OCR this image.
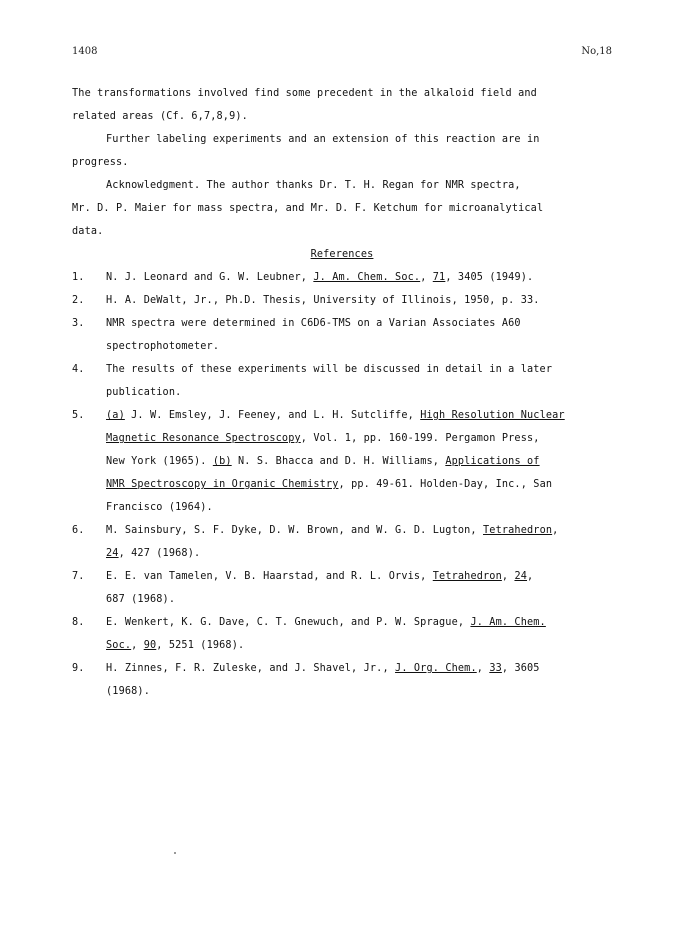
1408	No,18
The transformations involved find some precedent in the alkaloid field and
related areas (Cf. 6,7,8,9).
Further labeling experiments and an extension of this reaction are in
progress.
Acknowledgment. The author thanks Dr. T. H. Regan for NMR spectra,
Mr. D. P. Maier for mass spectra, and Mr. D. F. Ketchum for microanalytical
data.
References
1.	N. J. Leonard and G. W. Leubner, J. Am. Chem. Soc., 71, 3405 (1949).
2.	H. A. DeWalt, Jr., Ph.D. Thesis, University of Illinois, 1950, p. 33.
3.	NMR spectra were determined in C6D6-TMS on a Varian Associates A60
spectrophotometer.
4.	The results of these experiments will be discussed in detail in a later
publication.
5.	(a) J. W. Emsley, J. Feeney, and L. H. Sutcliffe, High Resolution Nuclear
Magnetic Resonance Spectroscopy, Vol. 1, pp. 160-199. Pergamon Press,
New York (1965). (b) N. S. Bhacca and D. H. Williams, Applications of
NMR Spectroscopy in Organic Chemistry, pp. 49-61. Holden-Day, Inc., San
Francisco (1964).
6.	M. Sainsbury, S. F. Dyke, D. W. Brown, and W. G. D. Lugton, Tetrahedron,
24, 427 (1968).
7.	E. E. van Tamelen, V. B. Haarstad, and R. L. Orvis, Tetrahedron, 24,
687 (1968).
8.	E. Wenkert, K. G. Dave, C. T. Gnewuch, and P. W. Sprague, J. Am. Chem.
Soc., 90, 5251 (1968).
9.	H. Zinnes, F. R. Zuleske, and J. Shavel, Jr., J. Org. Chem., 33, 3605
(1968).
